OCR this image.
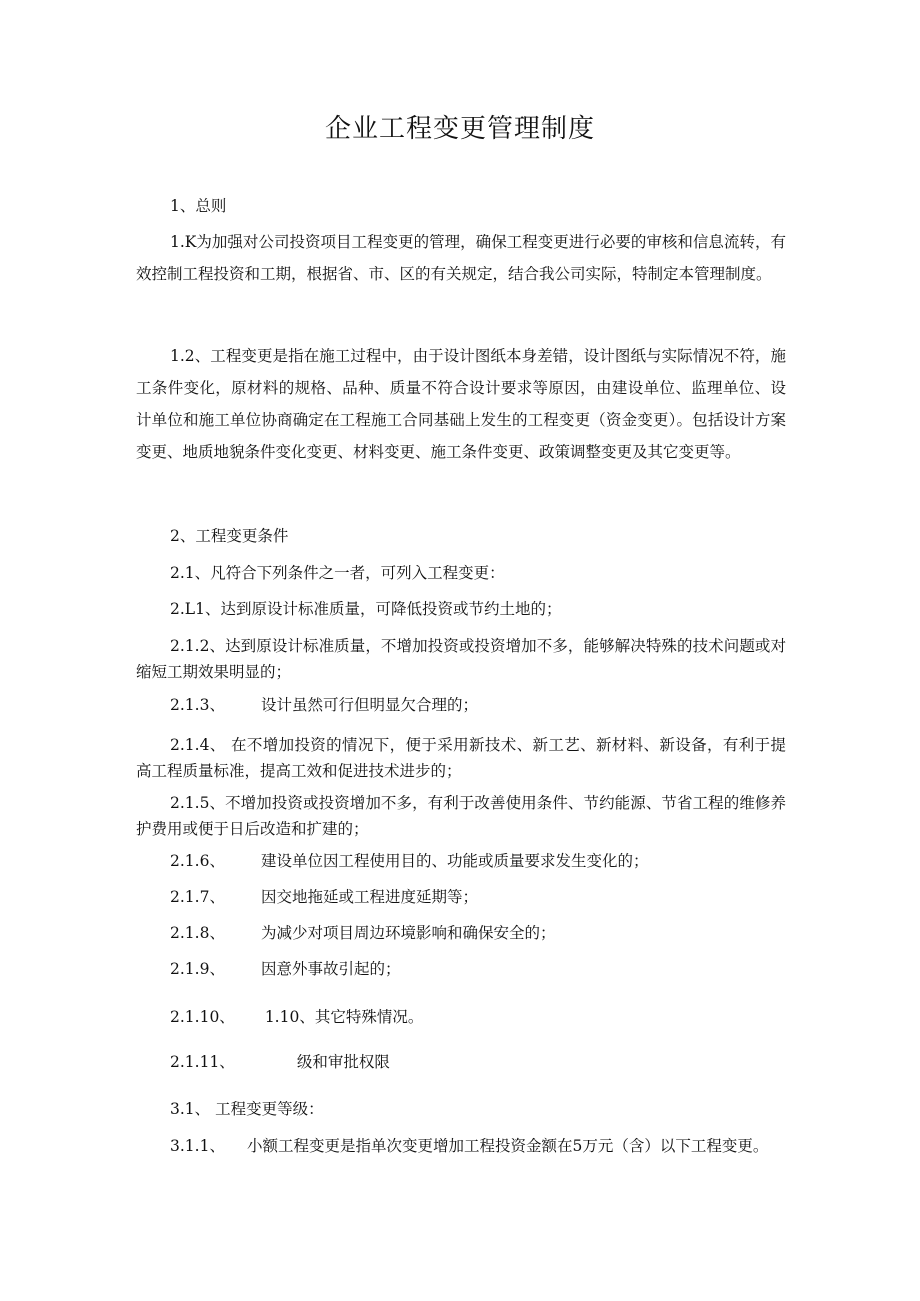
企业工程变更管理制度
1、总则
1.K为加强对公司投资项目工程变更的管理，确保工程变更进行必要的审核和信息流转，有效控制工程投资和工期，根据省、市、区的有关规定，结合我公司实际，特制定本管理制度。
1.2、工程变更是指在施工过程中，由于设计图纸本身差错，设计图纸与实际情况不符，施工条件变化，原材料的规格、品种、质量不符合设计要求等原因，由建设单位、监理单位、设计单位和施工单位协商确定在工程施工合同基础上发生的工程变更（资金变更）。包括设计方案变更、地质地貌条件变化变更、材料变更、施工条件变更、政策调整变更及其它变更等。
2、工程变更条件
2.1、凡符合下列条件之一者，可列入工程变更：
2.L1、达到原设计标准质量，可降低投资或节约土地的；
2.1.2、达到原设计标准质量，不增加投资或投资增加不多，能够解决特殊的技术问题或对缩短工期效果明显的；
2.1.3、 设计虽然可行但明显欠合理的；
2.1.4、 在不增加投资的情况下，便于采用新技术、新工艺、新材料、新设备，有利于提高工程质量标准，提高工效和促进技术进步的；
2.1.5、不增加投资或投资增加不多，有利于改善使用条件、节约能源、节省工程的维修养护费用或便于日后改造和扩建的；
2.1.6、 建设单位因工程使用目的、功能或质量要求发生变化的；
2.1.7、 因交地拖延或工程进度延期等；
2.1.8、 为减少对项目周边环境影响和确保安全的；
2.1.9、 因意外事故引起的；
2.1.10、 1.10、其它特殊情况。
2.1.11、	级和审批权限
3.1、 工程变更等级：
3.1.1、 小额工程变更是指单次变更增加工程投资金额在5万元（含）以下工程变更。
